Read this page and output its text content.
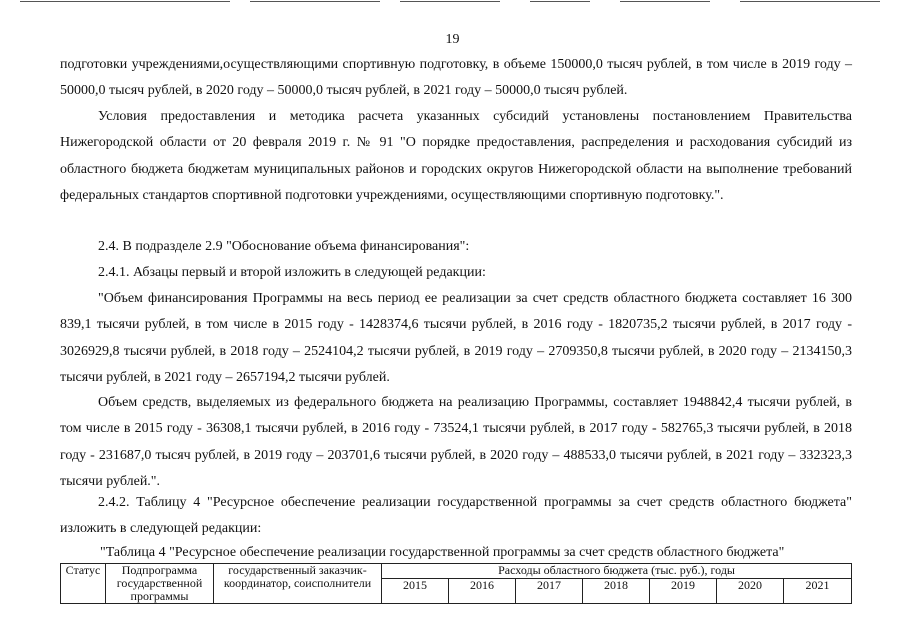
19

подготовки учреждениями,осуществляющими спортивную подготовку, в объеме 150000,0 тысяч рублей, в том числе в 2019 году – 50000,0 тысяч рублей, в 2020 году – 50000,0 тысяч рублей, в 2021 году – 50000,0 тысяч рублей.

Условия предоставления и методика расчета указанных субсидий установлены постановлением Правительства Нижегородской области от 20 февраля 2019 г. № 91 "О порядке предоставления, распределения и расходования субсидий из областного бюджета бюджетам муниципальных районов и городских округов Нижегородской области на выполнение требований федеральных стандартов спортивной подготовки учреждениями, осуществляющими спортивную подготовку.".

2.4. В подразделе 2.9 "Обоснование объема финансирования":

2.4.1. Абзацы первый и второй изложить в следующей редакции:

"Объем финансирования Программы на весь период ее реализации за счет средств областного бюджета составляет 16 300 839,1 тысячи рублей, в том числе в 2015 году - 1428374,6 тысячи рублей, в 2016 году - 1820735,2 тысячи рублей, в 2017 году - 3026929,8 тысячи рублей, в 2018 году – 2524104,2 тысячи рублей, в 2019 году – 2709350,8 тысячи рублей, в 2020 году – 2134150,3 тысячи рублей, в 2021 году – 2657194,2 тысячи рублей.

Объем средств, выделяемых из федерального бюджета на реализацию Программы, составляет 1948842,4 тысячи рублей, в том числе в 2015 году - 36308,1 тысячи рублей, в 2016 году - 73524,1 тысячи рублей, в 2017 году - 582765,3 тысячи рублей, в 2018 году - 231687,0 тысяч рублей, в 2019 году – 203701,6 тысячи рублей, в 2020 году – 488533,0 тысячи рублей, в 2021 году – 332323,3 тысячи рублей.".

2.4.2. Таблицу 4 "Ресурсное обеспечение реализации государственной программы за счет средств областного бюджета" изложить в следующей редакции:

"Таблица 4 "Ресурсное обеспечение реализации государственной программы за счет средств областного бюджета"
Статус	Подпрограмма государственной программы	государственный заказчик-координатор, соисполнители	Расходы областного бюджета (тыс. руб.), годы						
			2015	2016	2017	2018	2019	2020	2021
